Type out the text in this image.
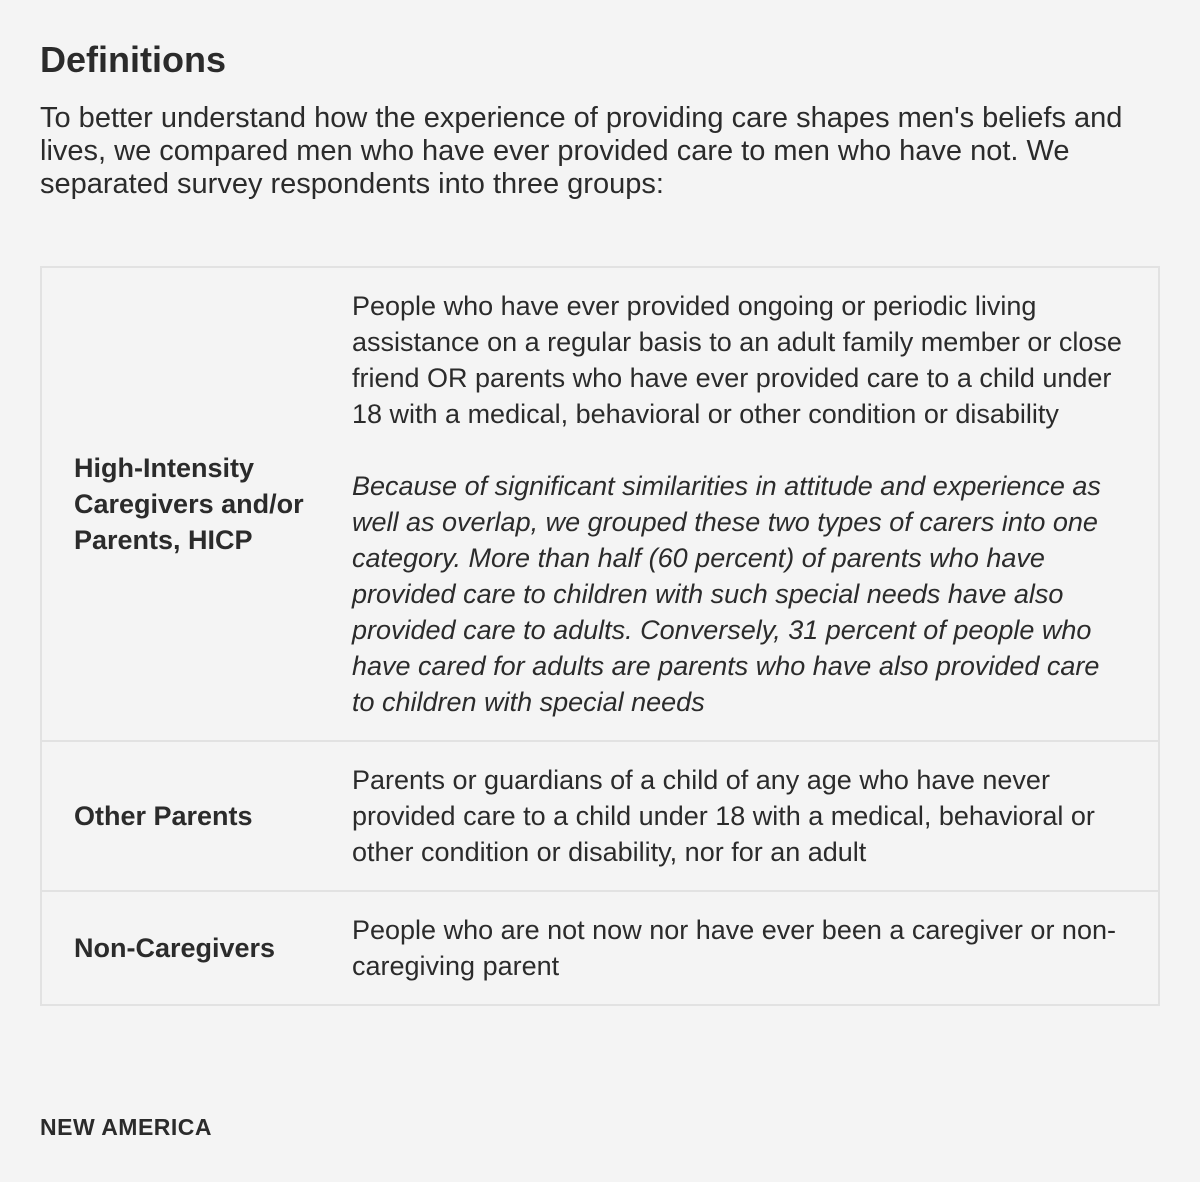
Definitions

To better understand how the experience of providing care shapes men's beliefs and lives, we compared men who have ever provided care to men who have not. We separated survey respondents into three groups:

High-Intensity Caregivers and/or Parents, HICP	People who have ever provided ongoing or periodic living assistance on a regular basis to an adult family member or close friend OR parents who have ever provided care to a child under 18 with a medical, behavioral or other condition or disability

Because of significant similarities in attitude and experience as well as overlap, we grouped these two types of carers into one category. More than half (60 percent) of parents who have provided care to children with such special needs have also provided care to adults. Conversely, 31 percent of people who have cared for adults are parents who have also provided care to children with special needs

Other Parents	Parents or guardians of a child of any age who have never provided care to a child under 18 with a medical, behavioral or other condition or disability, nor for an adult

Non-Caregivers	People who are not now nor have ever been a caregiver or non-caregiving parent

NEW AMERICA
